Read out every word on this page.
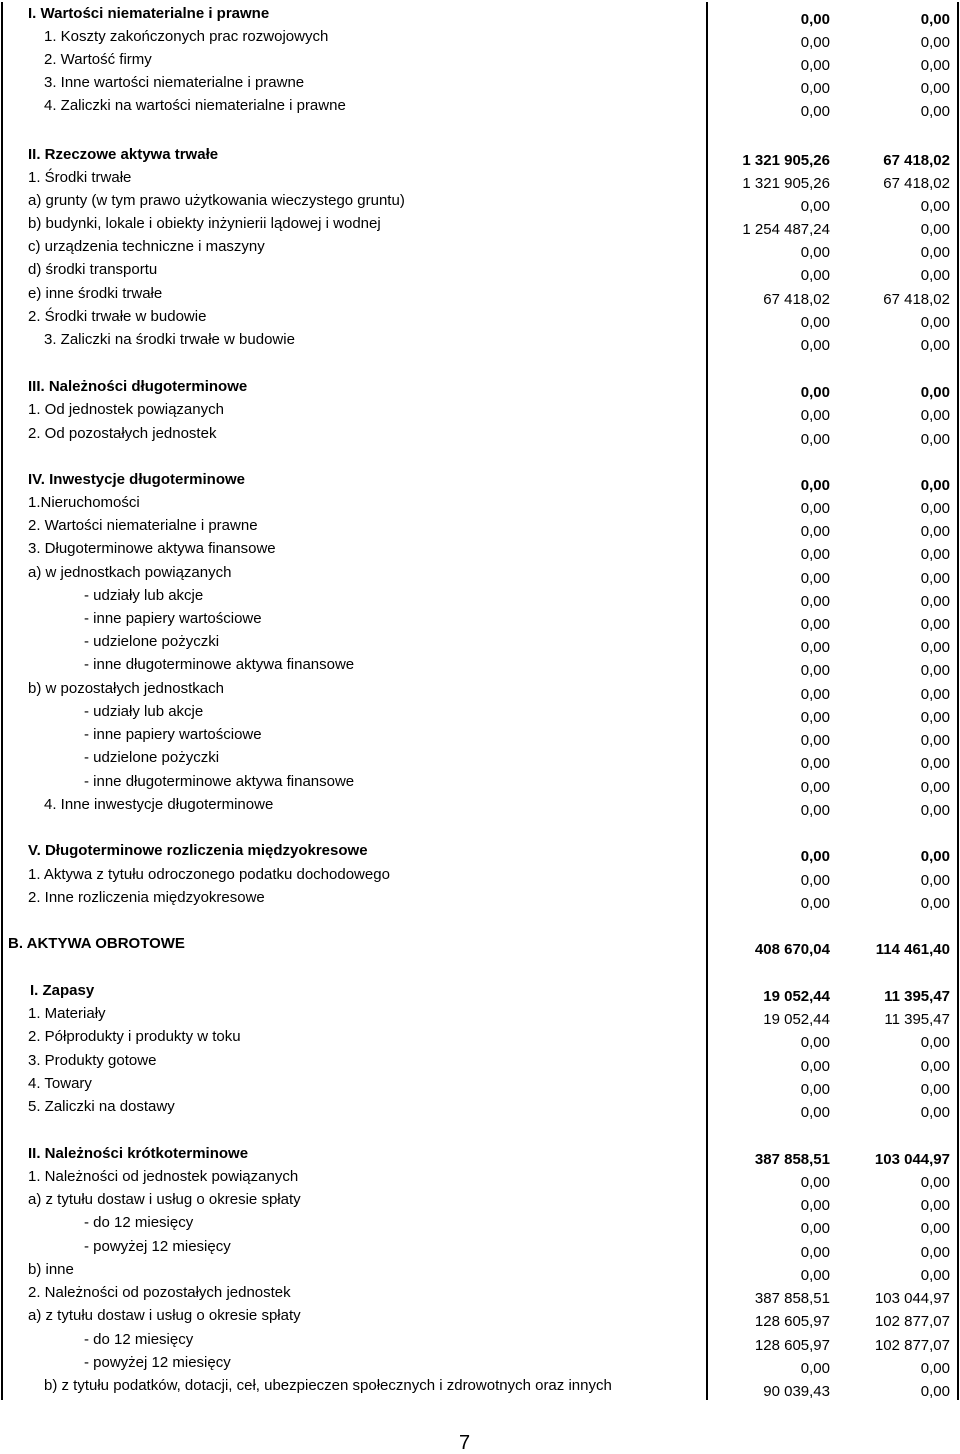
I. Wartości niematerialne i prawne	0,00	0,00
1. Koszty zakończonych prac rozwojowych	0,00	0,00
2. Wartość firmy	0,00	0,00
3. Inne wartości niematerialne i prawne	0,00	0,00
4. Zaliczki na wartości niematerialne i prawne	0,00	0,00
II. Rzeczowe aktywa trwałe	1 321 905,26	67 418,02
1. Środki trwałe	1 321 905,26	67 418,02
a) grunty (w tym prawo użytkowania wieczystego gruntu)	0,00	0,00
b) budynki, lokale i obiekty inżynierii lądowej i wodnej	1 254 487,24	0,00
c) urządzenia techniczne i maszyny	0,00	0,00
d) środki transportu	0,00	0,00
e) inne środki trwałe	67 418,02	67 418,02
2. Środki trwałe w budowie	0,00	0,00
3. Zaliczki na środki trwałe w budowie	0,00	0,00
III. Należności długoterminowe	0,00	0,00
1. Od jednostek powiązanych	0,00	0,00
2. Od pozostałych jednostek	0,00	0,00
IV. Inwestycje długoterminowe	0,00	0,00
1.Nieruchomości	0,00	0,00
2. Wartości niematerialne i prawne	0,00	0,00
3. Długoterminowe aktywa finansowe	0,00	0,00
a) w jednostkach powiązanych	0,00	0,00
- udziały lub akcje	0,00	0,00
- inne papiery wartościowe	0,00	0,00
- udzielone pożyczki	0,00	0,00
- inne długoterminowe aktywa finansowe	0,00	0,00
b) w pozostałych jednostkach	0,00	0,00
- udziały lub akcje	0,00	0,00
- inne papiery wartościowe	0,00	0,00
- udzielone pożyczki	0,00	0,00
- inne długoterminowe aktywa finansowe	0,00	0,00
4. Inne inwestycje długoterminowe	0,00	0,00
V. Długoterminowe rozliczenia międzyokresowe	0,00	0,00
1. Aktywa z tytułu odroczonego podatku dochodowego	0,00	0,00
2. Inne rozliczenia międzyokresowe	0,00	0,00
B. AKTYWA OBROTOWE	408 670,04	114 461,40
I. Zapasy	19 052,44	11 395,47
1. Materiały	19 052,44	11 395,47
2. Półprodukty i produkty w toku	0,00	0,00
3. Produkty gotowe	0,00	0,00
4. Towary	0,00	0,00
5. Zaliczki na dostawy	0,00	0,00
II. Należności krótkoterminowe	387 858,51	103 044,97
1. Należności od jednostek powiązanych	0,00	0,00
a) z tytułu dostaw i usług o okresie spłaty	0,00	0,00
- do 12 miesięcy	0,00	0,00
- powyżej 12 miesięcy	0,00	0,00
b) inne	0,00	0,00
2. Należności od pozostałych jednostek	387 858,51	103 044,97
a) z tytułu dostaw i usług o okresie spłaty	128 605,97	102 877,07
- do 12 miesięcy	128 605,97	102 877,07
- powyżej 12 miesięcy	0,00	0,00
b) z tytułu podatków, dotacji, ceł, ubezpieczen społecznych i zdrowotnych oraz innych	90 039,43	0,00
7
